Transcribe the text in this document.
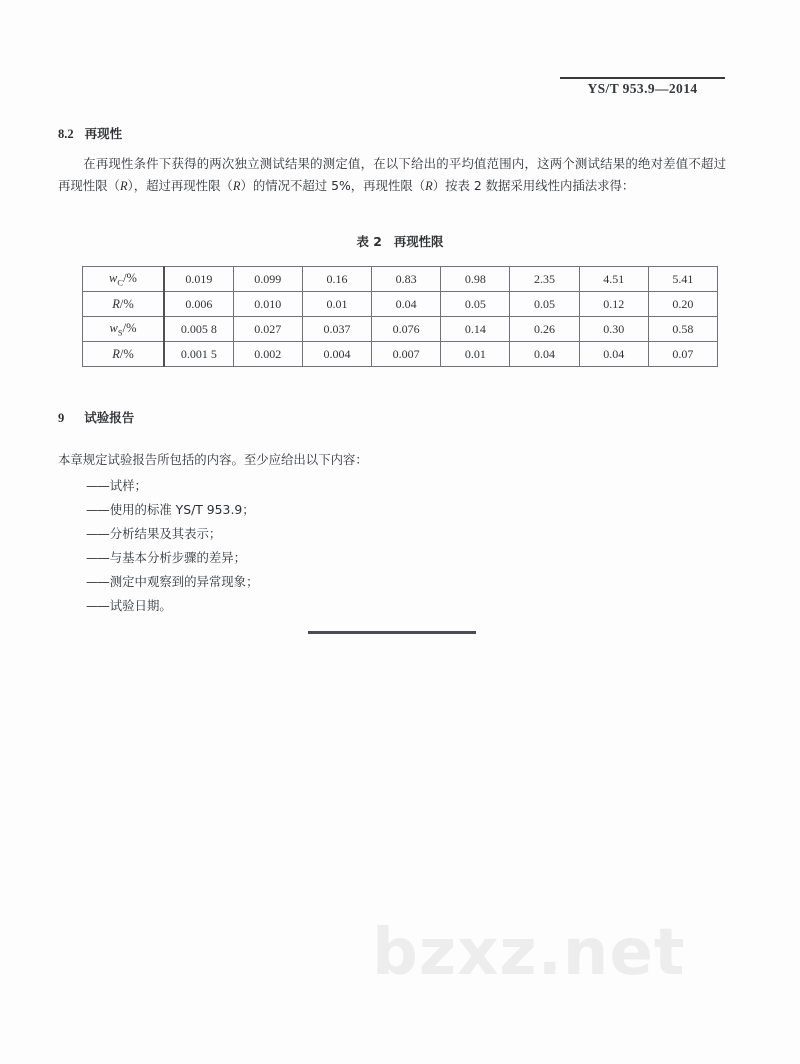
YS/T 953.9—2014
8.2 再现性
在再现性条件下获得的两次独立测试结果的测定值，在以下给出的平均值范围内，这两个测试结果的绝对差值不超过再现性限（R），超过再现性限（R）的情况不超过 5%，再现性限（R）按表 2 数据采用线性内插法求得：
表 2 再现性限
$w_C/\%$	0.019	0.099	0.16	0.83	0.98	2.35	4.51	5.41
R/%	0.006	0.010	0.01	0.04	0.05	0.05	0.12	0.20
$w_S/\%$	0.005 8	0.027	0.037	0.076	0.14	0.26	0.30	0.58
R/%	0.001 5	0.002	0.004	0.007	0.01	0.04	0.04	0.07
9 试验报告
本章规定试验报告所包括的内容。至少应给出以下内容：
——试样；
——使用的标准 YS/T 953.9；
——分析结果及其表示；
——与基本分析步骤的差异；
——测定中观察到的异常现象；
——试验日期。
bzxz.net
